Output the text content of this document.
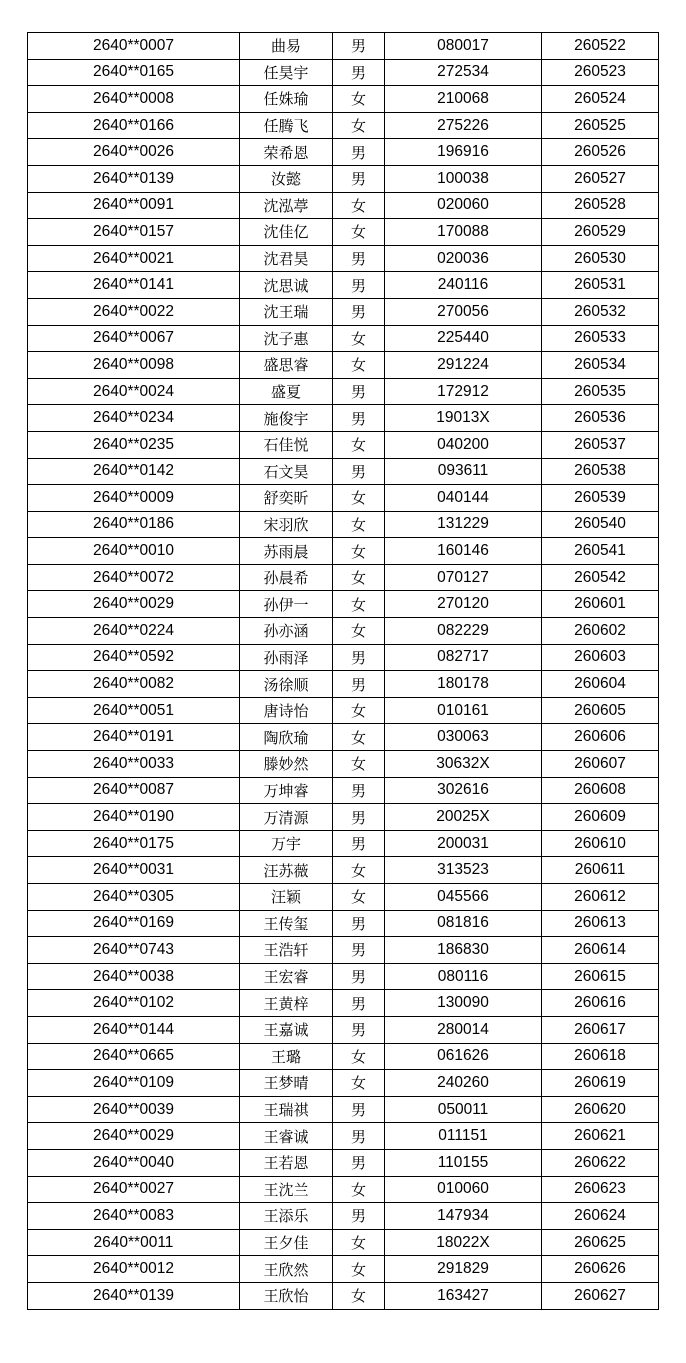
2640**0007	曲易	男	080017	260522
2640**0165	任昊宇	男	272534	260523
2640**0008	任姝瑜	女	210068	260524
2640**0166	任腾飞	女	275226	260525
2640**0026	荣希恩	男	196916	260526
2640**0139	汝懿	男	100038	260527
2640**0091	沈泓葶	女	020060	260528
2640**0157	沈佳亿	女	170088	260529
2640**0021	沈君昊	男	020036	260530
2640**0141	沈思诚	男	240116	260531
2640**0022	沈王瑞	男	270056	260532
2640**0067	沈子惠	女	225440	260533
2640**0098	盛思睿	女	291224	260534
2640**0024	盛夏	男	172912	260535
2640**0234	施俊宇	男	19013X	260536
2640**0235	石佳悦	女	040200	260537
2640**0142	石文昊	男	093611	260538
2640**0009	舒奕昕	女	040144	260539
2640**0186	宋羽欣	女	131229	260540
2640**0010	苏雨晨	女	160146	260541
2640**0072	孙晨希	女	070127	260542
2640**0029	孙伊一	女	270120	260601
2640**0224	孙亦涵	女	082229	260602
2640**0592	孙雨泽	男	082717	260603
2640**0082	汤徐顺	男	180178	260604
2640**0051	唐诗怡	女	010161	260605
2640**0191	陶欣瑜	女	030063	260606
2640**0033	滕妙然	女	30632X	260607
2640**0087	万坤睿	男	302616	260608
2640**0190	万清源	男	20025X	260609
2640**0175	万宇	男	200031	260610
2640**0031	汪苏薇	女	313523	260611
2640**0305	汪颖	女	045566	260612
2640**0169	王传玺	男	081816	260613
2640**0743	王浩轩	男	186830	260614
2640**0038	王宏睿	男	080116	260615
2640**0102	王黄梓	男	130090	260616
2640**0144	王嘉诚	男	280014	260617
2640**0665	王璐	女	061626	260618
2640**0109	王梦晴	女	240260	260619
2640**0039	王瑞祺	男	050011	260620
2640**0029	王睿诚	男	011151	260621
2640**0040	王若恩	男	110155	260622
2640**0027	王沈兰	女	010060	260623
2640**0083	王添乐	男	147934	260624
2640**0011	王夕佳	女	18022X	260625
2640**0012	王欣然	女	291829	260626
2640**0139	王欣怡	女	163427	260627
